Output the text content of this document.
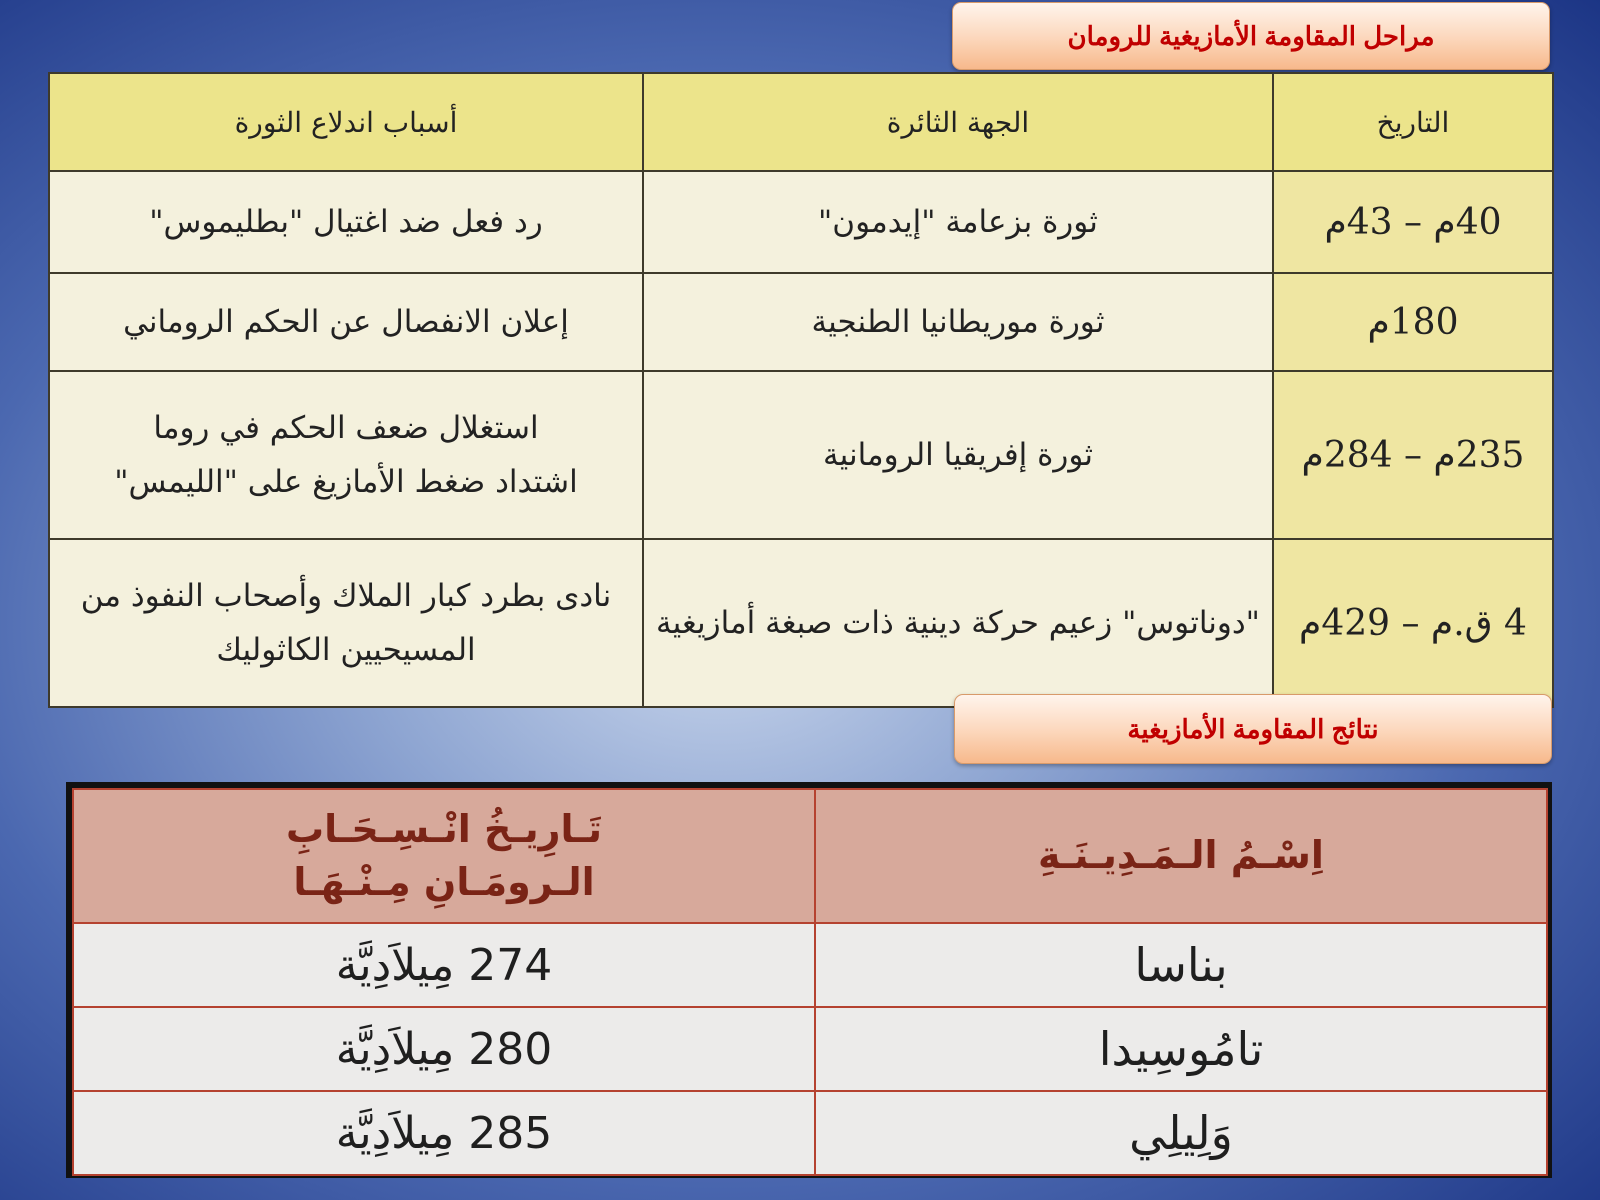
مراحل المقاومة الأمازيغية للرومان
التاريخ	الجهة الثائرة	أسباب اندلاع الثورة
40م – 43م	ثورة بزعامة "إيدمون"	رد فعل ضد اغتيال "بطليموس"

180م	ثورة موريطانيا الطنجية	إعلان الانفصال عن الحكم الروماني

235م – 284م	ثورة إفريقيا الرومانية	استغلال ضعف الحكم في روما
اشتداد ضغط الأمازيغ على "الليمس"

4 ق.م – 429م	"دوناتوس" زعيم حركة دينية ذات صبغة أمازيغية	نادى بطرد كبار الملاك وأصحاب النفوذ من
المسيحيين الكاثوليك
نتائج المقاومة الأمازيغية
اِسْـمُ الـمَـدِيـنَـةِ	تَـارِيـخُ انْـسِـحَـابِ
الـرومَـانِ مِـنْـهَـا

بناسا	274 مِيلاَدِيَّة
تامُوسِيدا	280 مِيلاَدِيَّة
وَلِيلِي	285 مِيلاَدِيَّة
